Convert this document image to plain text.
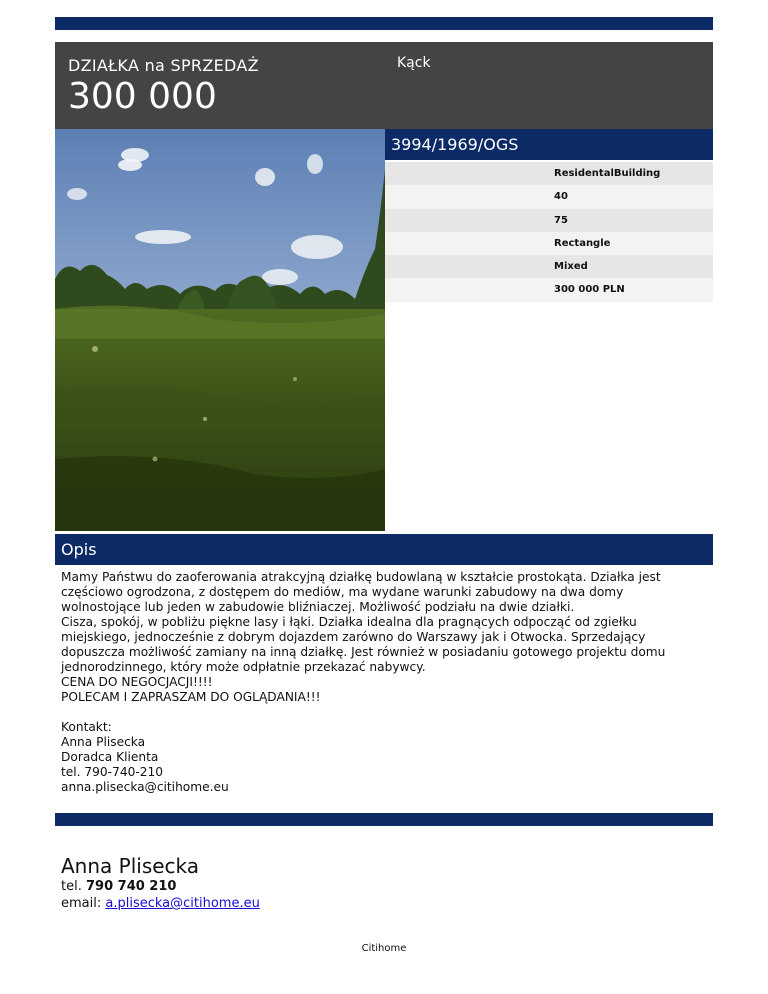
DZIAŁKA na SPRZEDAŻ
300 000
Kąck
3994/1969/OGS
ResidentalBuilding
40
75
Rectangle
Mixed
300 000 PLN
Opis

Mamy Państwu do zaoferowania atrakcyjną działkę budowlaną w kształcie prostokąta. Działka jest

częściowo ogrodzona, z dostępem do mediów, ma wydane warunki zabudowy na dwa domy

wolnostojące lub jeden w zabudowie bliźniaczej. Możliwość podziału na dwie działki.

Cisza, spokój, w pobliżu piękne lasy i łąki. Działka idealna dla pragnących odpocząć od zgiełku

miejskiego, jednocześnie z dobrym dojazdem zarówno do Warszawy jak i Otwocka. Sprzedający

dopuszcza możliwość zamiany na inną działkę. Jest również w posiadaniu gotowego projektu domu

jednorodzinnego, który może odpłatnie przekazać nabywcy.

CENA DO NEGOCJACJI!!!!

POLECAM I ZAPRASZAM DO OGLĄDANIA!!!

Kontakt:

Anna Plisecka

Doradca Klienta

tel. 790-740-210

anna.plisecka@citihome.eu

Anna Plisecka
tel. 790 740 210
email: a.plisecka@citihome.eu
Citihome
